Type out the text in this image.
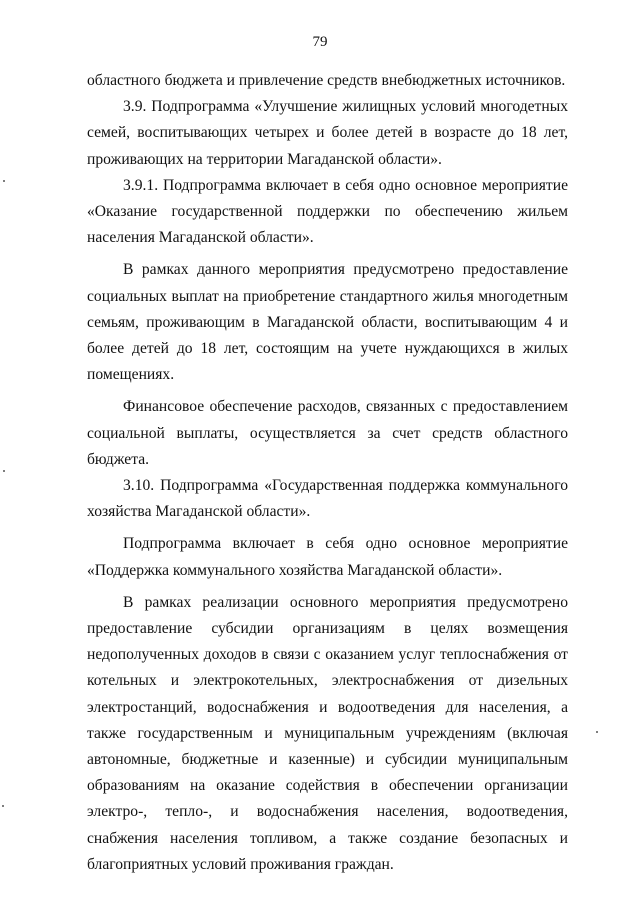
79

областного бюджета и привлечение средств внебюджетных источников.

3.9. Подпрограмма «Улучшение жилищных условий многодетных семей, воспитывающих четырех и более детей в возрасте до 18 лет, проживающих на территории Магаданской области».

3.9.1. Подпрограмма включает в себя одно основное мероприятие «Оказание государственной поддержки по обеспечению жильем населения Магаданской области».

В рамках данного мероприятия предусмотрено предоставление социальных выплат на приобретение стандартного жилья многодетным семьям, проживающим в Магаданской области, воспитывающим 4 и более детей до 18 лет, состоящим на учете нуждающихся в жилых помещениях.

Финансовое обеспечение расходов, связанных с предоставлением социальной выплаты, осуществляется за счет средств областного бюджета.

3.10. Подпрограмма «Государственная поддержка коммунального хозяйства Магаданской области».

Подпрограмма включает в себя одно основное мероприятие «Поддержка коммунального хозяйства Магаданской области».

В рамках реализации основного мероприятия предусмотрено предоставление субсидии организациям в целях возмещения недополученных доходов в связи с оказанием услуг теплоснабжения от котельных и электрокотельных, электроснабжения от дизельных электростанций, водоснабжения и водоотведения для населения, а также государственным и муниципальным учреждениям (включая автономные, бюджетные и казенные) и субсидии муниципальным образованиям на оказание содействия в обеспечении организации электро-, тепло-, и водоснабжения населения, водоотведения, снабжения населения топливом, а также создание безопасных и благоприятных условий проживания граждан.
